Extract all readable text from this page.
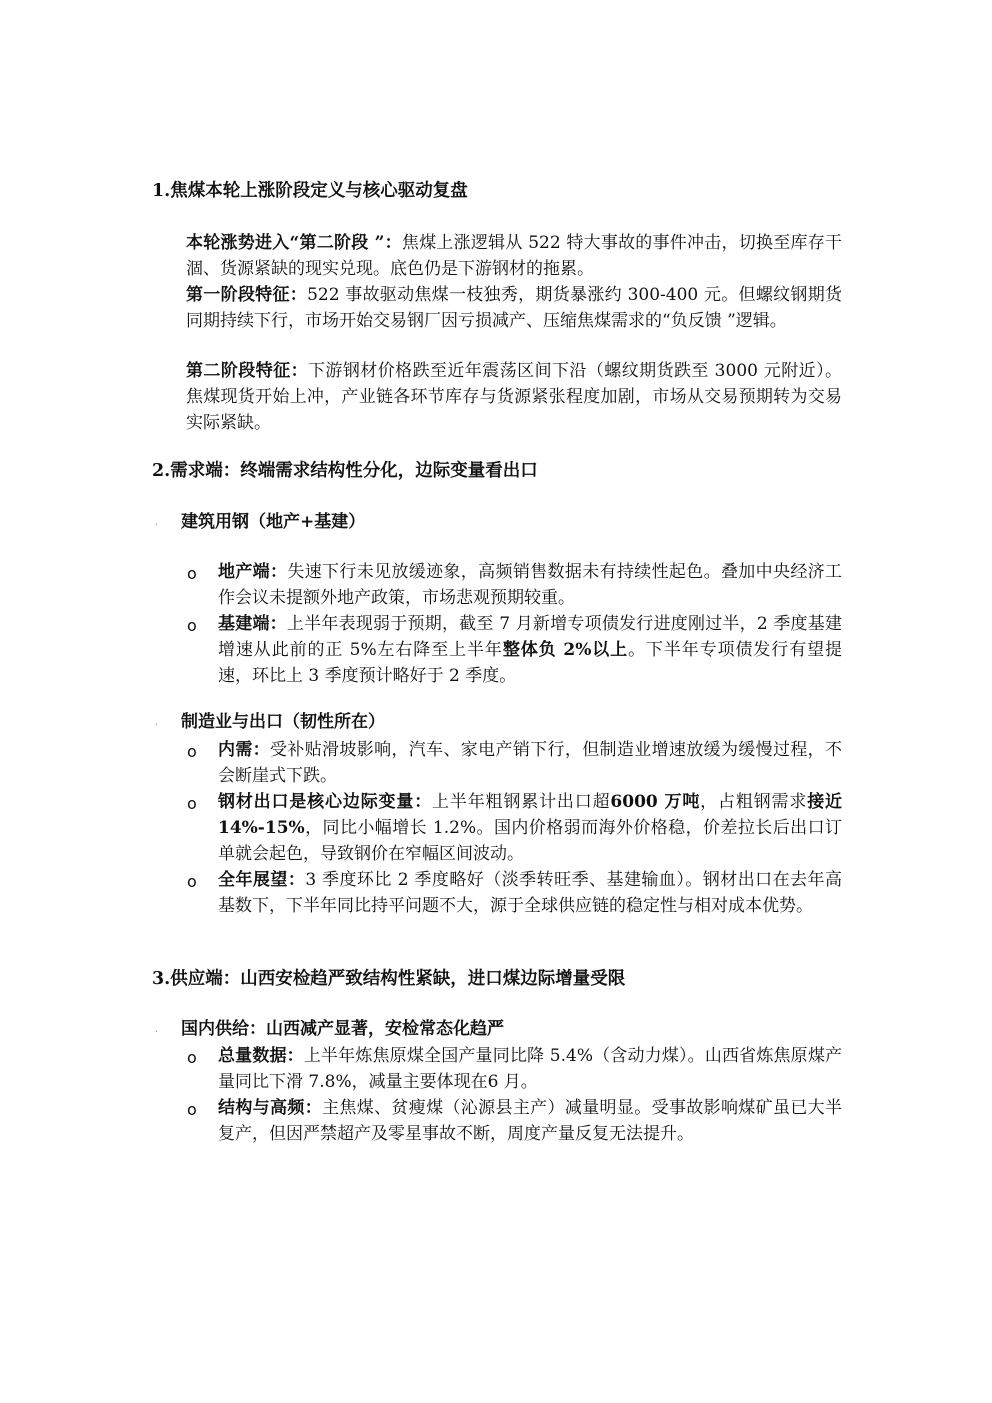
1.焦煤本轮上涨阶段定义与核心驱动复盘
本轮涨势进入“第二阶段 ”：焦煤上涨逻辑从 522 特大事故的事件冲击，切换至库存干涸、货源紧缺的现实兑现。底色仍是下游钢材的拖累。
第一阶段特征：522 事故驱动焦煤一枝独秀，期货暴涨约 300-400 元。但螺纹钢期货同期持续下行，市场开始交易钢厂因亏损减产、压缩焦煤需求的“负反馈 ”逻辑。
第二阶段特征：下游钢材价格跌至近年震荡区间下沿（螺纹期货跌至 3000 元附近）。焦煤现货开始上冲，产业链各环节库存与货源紧张程度加剧，市场从交易预期转为交易实际紧缺。
2.需求端：终端需求结构性分化，边际变量看出口
. 建筑用钢（地产+基建）
o 地产端：失速下行未见放缓迹象，高频销售数据未有持续性起色。叠加中央经济工作会议未提额外地产政策，市场悲观预期较重。
o 基建端：上半年表现弱于预期，截至 7 月新增专项债发行进度刚过半，2 季度基建增速从此前的正 5%左右降至上半年整体负 2%以上。下半年专项债发行有望提速，环比上 3 季度预计略好于 2 季度。
. 制造业与出口（韧性所在）
o 内需：受补贴滑坡影响，汽车、家电产销下行，但制造业增速放缓为缓慢过程，不会断崖式下跌。
o 钢材出口是核心边际变量：上半年粗钢累计出口超6000 万吨，占粗钢需求接近 14%-15%，同比小幅增长 1.2%。国内价格弱而海外价格稳，价差拉长后出口订单就会起色，导致钢价在窄幅区间波动。
o 全年展望：3 季度环比 2 季度略好（淡季转旺季、基建输血）。钢材出口在去年高基数下，下半年同比持平问题不大，源于全球供应链的稳定性与相对成本优势。
3.供应端：山西安检趋严致结构性紧缺，进口煤边际增量受限
. 国内供给：山西减产显著，安检常态化趋严
o 总量数据：上半年炼焦原煤全国产量同比降 5.4%（含动力煤）。山西省炼焦原煤产量同比下滑 7.8%，减量主要体现在6 月。
o 结构与高频：主焦煤、贫瘦煤（沁源县主产）减量明显。受事故影响煤矿虽已大半复产，但因严禁超产及零星事故不断，周度产量反复无法提升。
